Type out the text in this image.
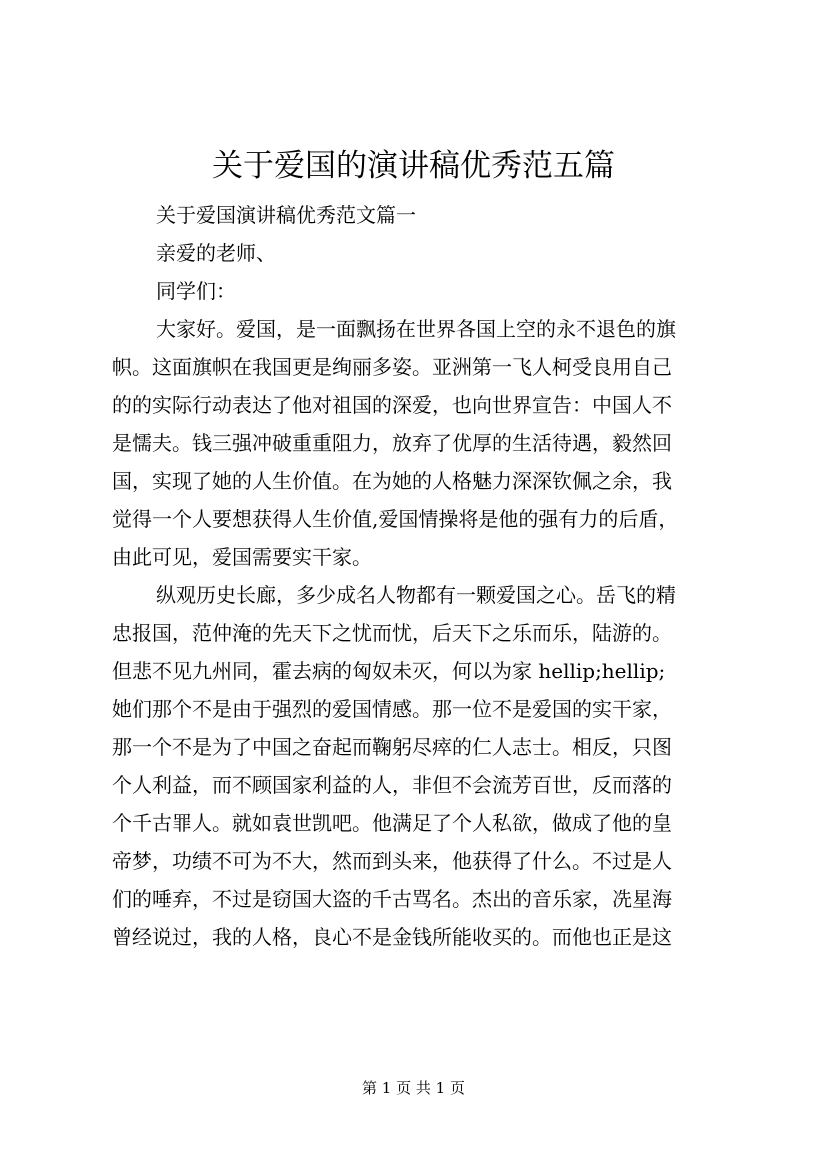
关于爱国的演讲稿优秀范五篇
关于爱国演讲稿优秀范文篇一
亲爱的老师、
同学们：
大家好。爱国，是一面飘扬在世界各国上空的永不退色的旗
帜。这面旗帜在我国更是绚丽多姿。亚洲第一飞人柯受良用自己
的的实际行动表达了他对祖国的深爱，也向世界宣告：中国人不
是懦夫。钱三强冲破重重阻力，放弃了优厚的生活待遇，毅然回
国，实现了她的人生价值。在为她的人格魅力深深钦佩之余，我
觉得一个人要想获得人生价值,爱国情操将是他的强有力的后盾，
由此可见，爱国需要实干家。
纵观历史长廊，多少成名人物都有一颗爱国之心。岳飞的精
忠报国，范仲淹的先天下之忧而忧，后天下之乐而乐，陆游的。
但悲不见九州同，霍去病的匈奴未灭，何以为家 hellip;hellip;
她们那个不是由于强烈的爱国情感。那一位不是爱国的实干家，
那一个不是为了中国之奋起而鞠躬尽瘁的仁人志士。相反，只图
个人利益，而不顾国家利益的人，非但不会流芳百世，反而落的
个千古罪人。就如袁世凯吧。他满足了个人私欲，做成了他的皇
帝梦，功绩不可为不大，然而到头来，他获得了什么。不过是人
们的唾弃，不过是窃国大盗的千古骂名。杰出的音乐家，冼星海
曾经说过，我的人格，良心不是金钱所能收买的。而他也正是这
第 1 页 共 1 页
